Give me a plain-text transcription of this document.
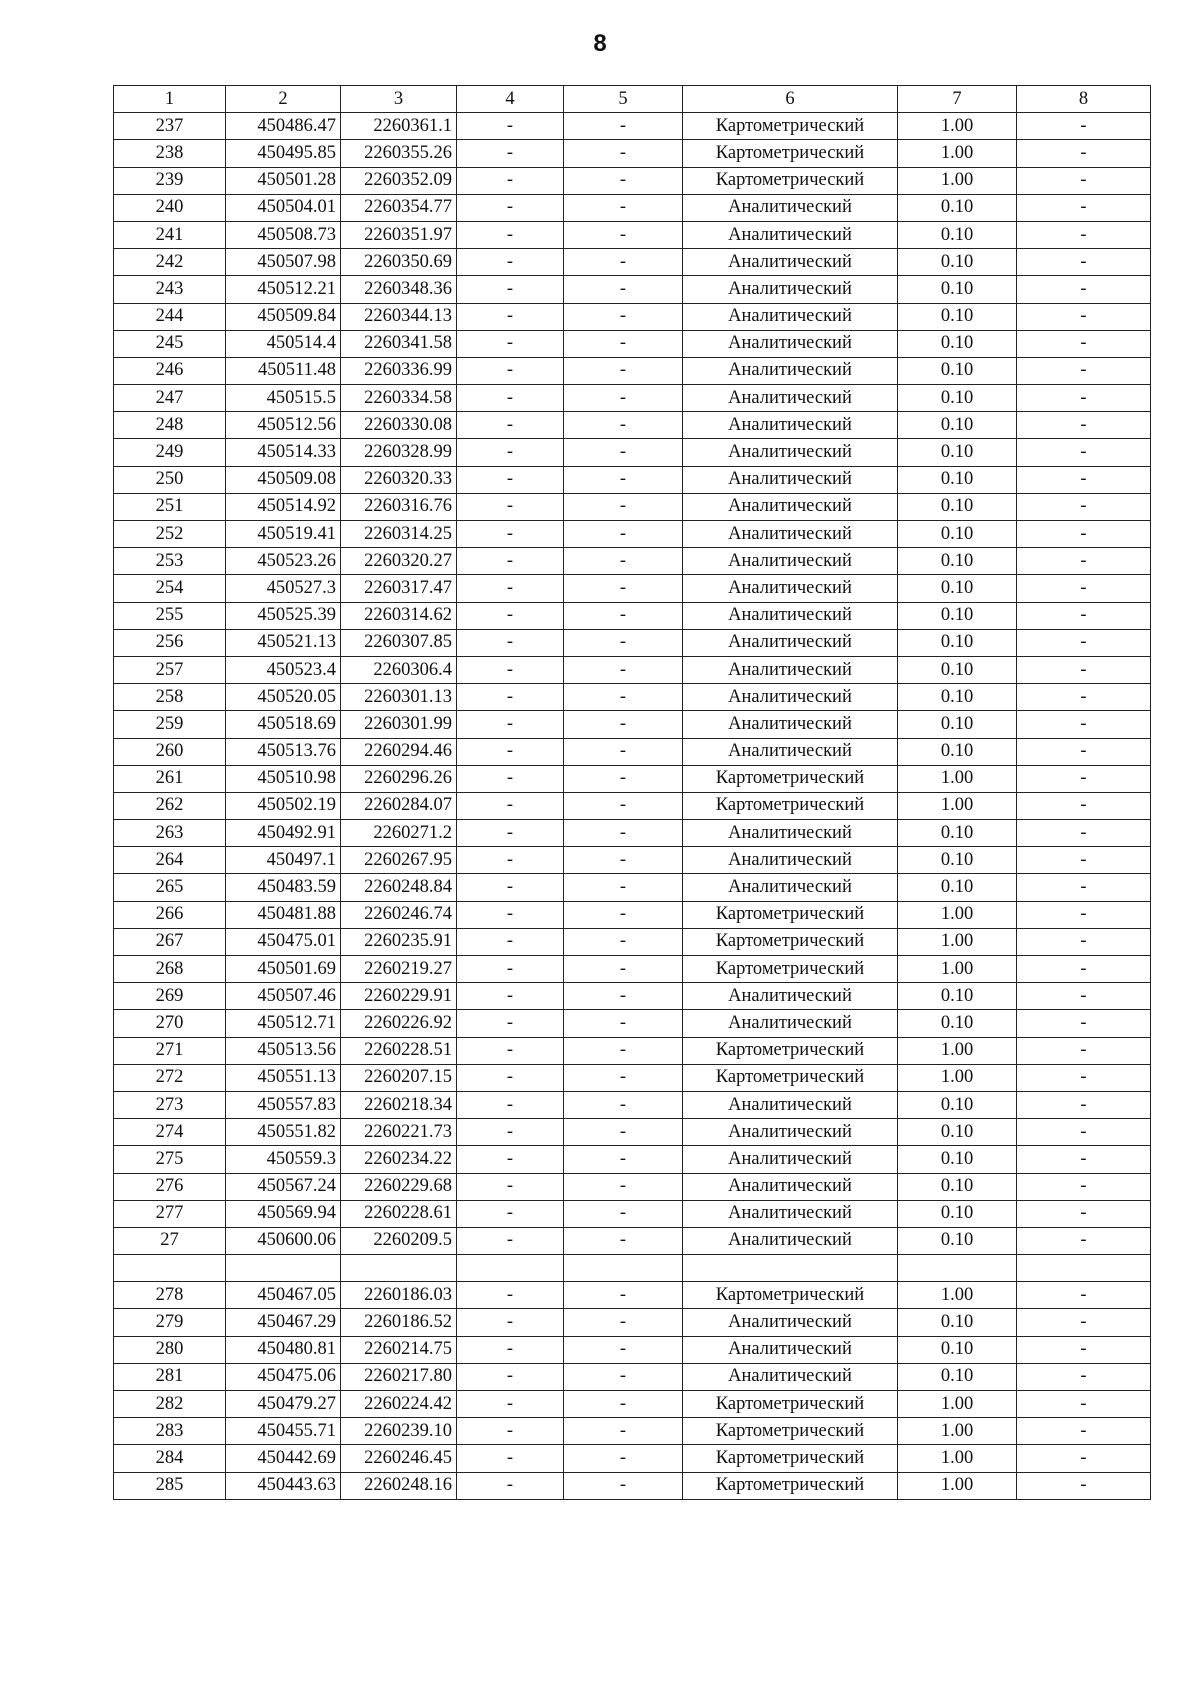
8
1	2	3	4	5	6	7	8
237	450486.47	2260361.1	-	-	Картометрический	1.00	-
238	450495.85	2260355.26	-	-	Картометрический	1.00	-
239	450501.28	2260352.09	-	-	Картометрический	1.00	-
240	450504.01	2260354.77	-	-	Аналитический	0.10	-
241	450508.73	2260351.97	-	-	Аналитический	0.10	-
242	450507.98	2260350.69	-	-	Аналитический	0.10	-
243	450512.21	2260348.36	-	-	Аналитический	0.10	-
244	450509.84	2260344.13	-	-	Аналитический	0.10	-
245	450514.4	2260341.58	-	-	Аналитический	0.10	-
246	450511.48	2260336.99	-	-	Аналитический	0.10	-
247	450515.5	2260334.58	-	-	Аналитический	0.10	-
248	450512.56	2260330.08	-	-	Аналитический	0.10	-
249	450514.33	2260328.99	-	-	Аналитический	0.10	-
250	450509.08	2260320.33	-	-	Аналитический	0.10	-
251	450514.92	2260316.76	-	-	Аналитический	0.10	-
252	450519.41	2260314.25	-	-	Аналитический	0.10	-
253	450523.26	2260320.27	-	-	Аналитический	0.10	-
254	450527.3	2260317.47	-	-	Аналитический	0.10	-
255	450525.39	2260314.62	-	-	Аналитический	0.10	-
256	450521.13	2260307.85	-	-	Аналитический	0.10	-
257	450523.4	2260306.4	-	-	Аналитический	0.10	-
258	450520.05	2260301.13	-	-	Аналитический	0.10	-
259	450518.69	2260301.99	-	-	Аналитический	0.10	-
260	450513.76	2260294.46	-	-	Аналитический	0.10	-
261	450510.98	2260296.26	-	-	Картометрический	1.00	-
262	450502.19	2260284.07	-	-	Картометрический	1.00	-
263	450492.91	2260271.2	-	-	Аналитический	0.10	-
264	450497.1	2260267.95	-	-	Аналитический	0.10	-
265	450483.59	2260248.84	-	-	Аналитический	0.10	-
266	450481.88	2260246.74	-	-	Картометрический	1.00	-
267	450475.01	2260235.91	-	-	Картометрический	1.00	-
268	450501.69	2260219.27	-	-	Картометрический	1.00	-
269	450507.46	2260229.91	-	-	Аналитический	0.10	-
270	450512.71	2260226.92	-	-	Аналитический	0.10	-
271	450513.56	2260228.51	-	-	Картометрический	1.00	-
272	450551.13	2260207.15	-	-	Картометрический	1.00	-
273	450557.83	2260218.34	-	-	Аналитический	0.10	-
274	450551.82	2260221.73	-	-	Аналитический	0.10	-
275	450559.3	2260234.22	-	-	Аналитический	0.10	-
276	450567.24	2260229.68	-	-	Аналитический	0.10	-
277	450569.94	2260228.61	-	-	Аналитический	0.10	-
27	450600.06	2260209.5	-	-	Аналитический	0.10	-

278	450467.05	2260186.03	-	-	Картометрический	1.00	-
279	450467.29	2260186.52	-	-	Аналитический	0.10	-
280	450480.81	2260214.75	-	-	Аналитический	0.10	-
281	450475.06	2260217.80	-	-	Аналитический	0.10	-
282	450479.27	2260224.42	-	-	Картометрический	1.00	-
283	450455.71	2260239.10	-	-	Картометрический	1.00	-
284	450442.69	2260246.45	-	-	Картометрический	1.00	-
285	450443.63	2260248.16	-	-	Картометрический	1.00	-
